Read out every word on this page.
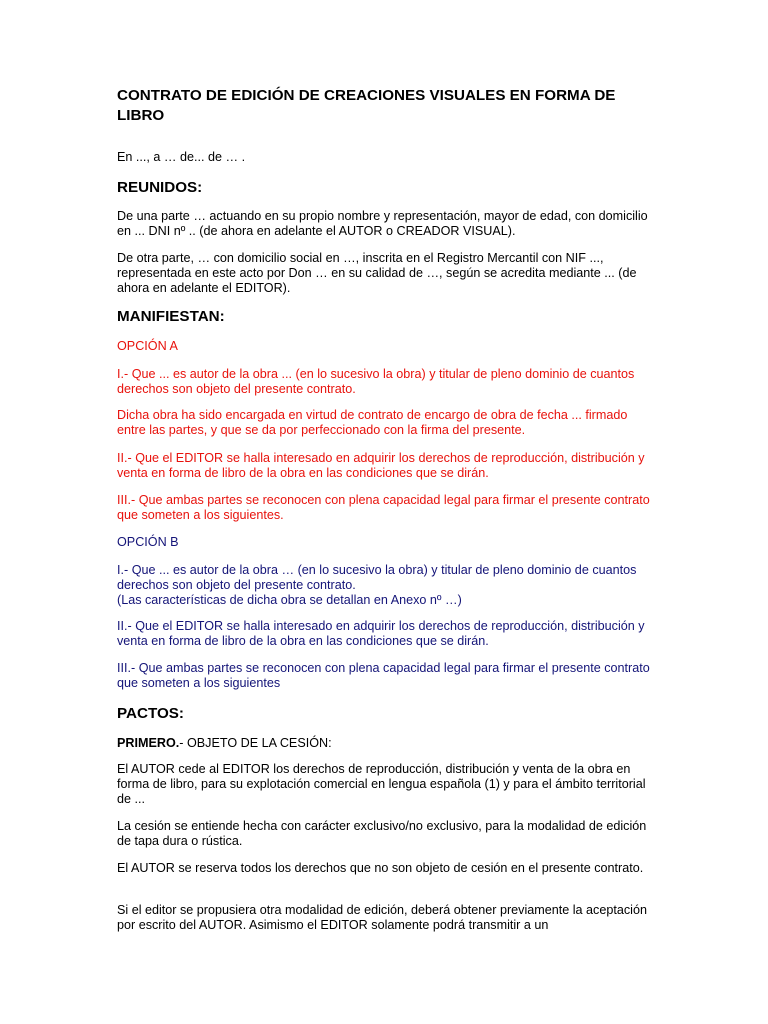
CONTRATO DE EDICIÓN DE CREACIONES VISUALES EN FORMA DE LIBRO

En ..., a … de... de … .

REUNIDOS:

De una parte … actuando en su propio nombre y representación, mayor de edad, con domicilio en ... DNI nº .. (de ahora en adelante el AUTOR o CREADOR VISUAL).

De otra parte, … con domicilio social en …, inscrita en el Registro Mercantil con NIF ..., representada en este acto por Don … en su calidad de …, según se acredita mediante ... (de ahora en adelante el EDITOR).

MANIFIESTAN:

OPCIÓN A

I.- Que ... es autor de la obra ... (en lo sucesivo la obra) y titular de pleno dominio de cuantos derechos son objeto del presente contrato.

Dicha obra ha sido encargada en virtud de contrato de encargo de obra de fecha ... firmado entre las partes, y que se da por perfeccionado con la firma del presente.

II.- Que el EDITOR se halla interesado en adquirir los derechos de reproducción, distribución y venta en forma de libro de la obra en las condiciones que se dirán.

III.- Que ambas partes se reconocen con plena capacidad legal para firmar el presente contrato que someten a los siguientes.

OPCIÓN B

I.- Que ... es autor de la obra … (en lo sucesivo la obra) y titular de pleno dominio de cuantos derechos son objeto del presente contrato.
(Las características de dicha obra se detallan en Anexo nº …)

II.- Que el EDITOR se halla interesado en adquirir los derechos de reproducción, distribución y venta en forma de libro de la obra en las condiciones que se dirán.

III.- Que ambas partes se reconocen con plena capacidad legal para firmar el presente contrato que someten a los siguientes

PACTOS:

PRIMERO.- OBJETO DE LA CESIÓN:

El AUTOR cede al EDITOR los derechos de reproducción, distribución y venta de la obra en forma de libro, para su explotación comercial en lengua española (1) y para el ámbito territorial de ...

La cesión se entiende hecha con carácter exclusivo/no exclusivo, para la modalidad de edición de tapa dura o rústica.

El AUTOR se reserva todos los derechos que no son objeto de cesión en el presente contrato.

Si el editor se propusiera otra modalidad de edición, deberá obtener previamente la aceptación por escrito del AUTOR. Asimismo el EDITOR solamente podrá transmitir a un
